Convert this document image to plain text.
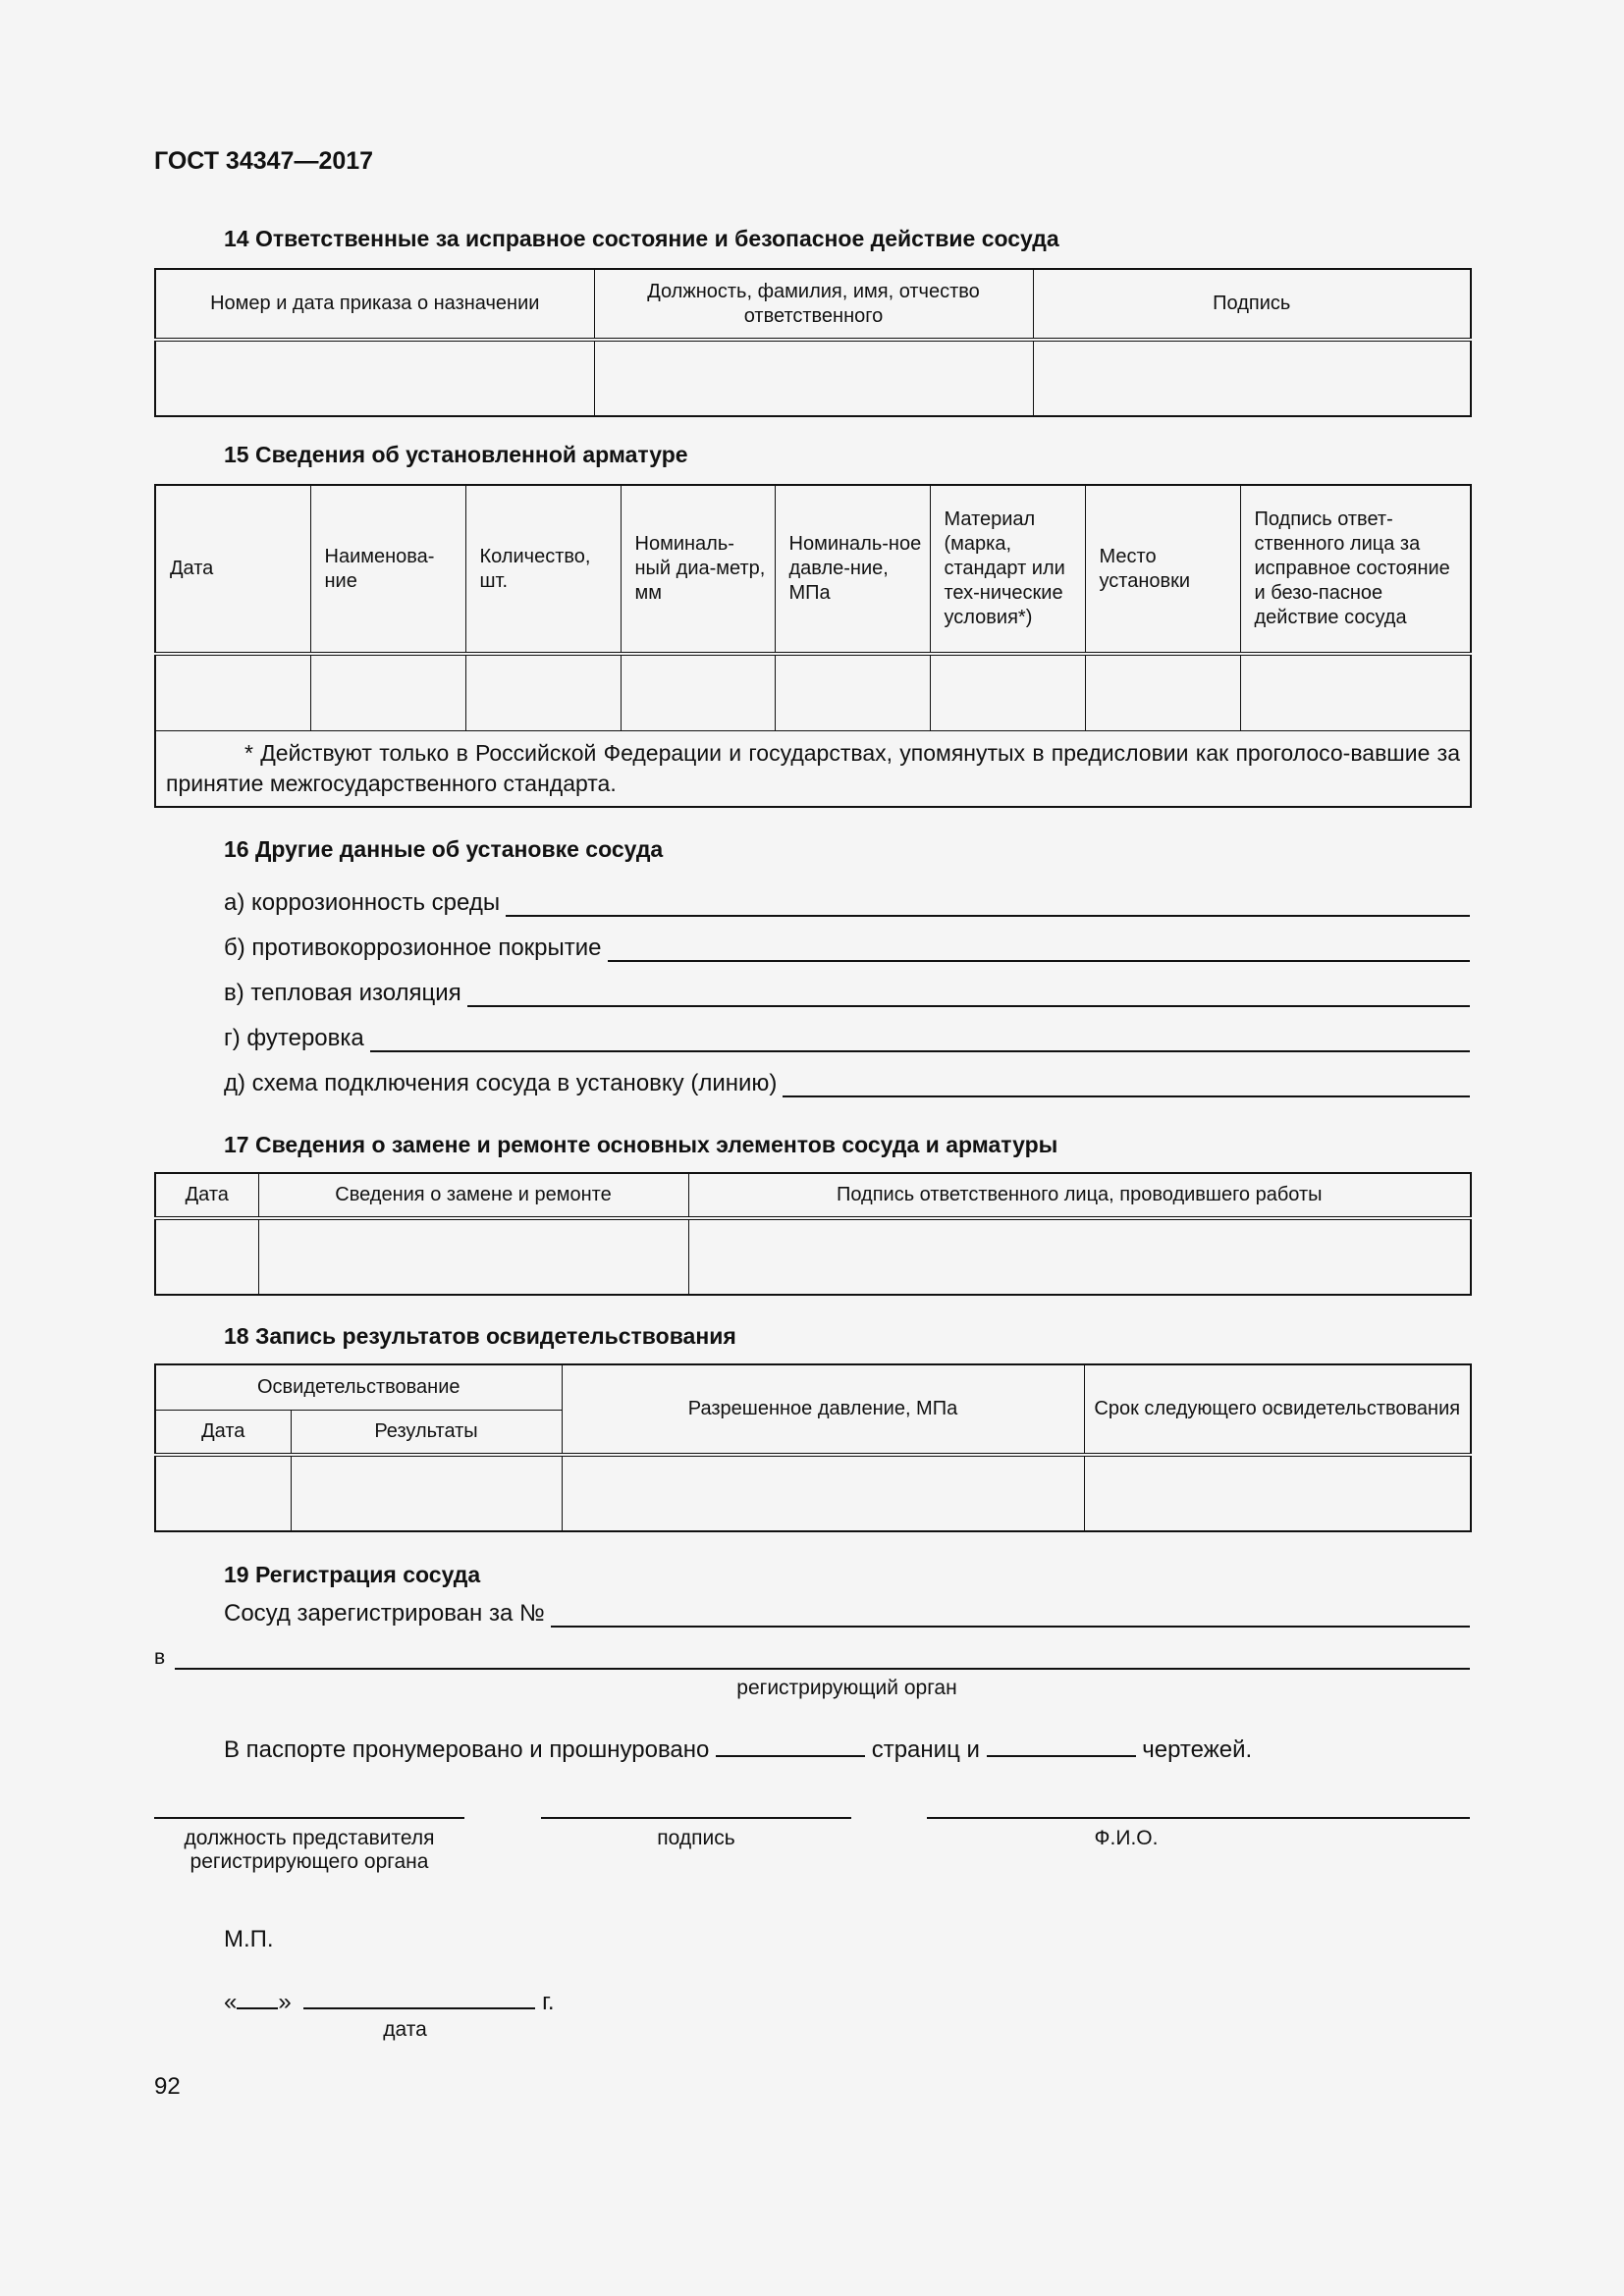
ГОСТ 34347—2017
14 Ответственные за исправное состояние и безопасное действие сосуда
Номер и дата приказа о назначении	Должность, фамилия, имя, отчество ответственного	Подпись

15 Сведения об установленной арматуре
Дата	Наименова-ние	Количество, шт.	Номиналь-ный диа-метр, мм	Номиналь-ное давле-ние, МПа	Материал (марка, стандарт или тех-нические условия*)	Место установки	Подпись ответ-ственного лица за исправное состояние и безо-пасное действие сосуда

* Действуют только в Российской Федерации и государствах, упомянутых в предисловии как проголосо-вавшие за принятие межгосударственного стандарта.							
16 Другие данные об установке сосуда
а) коррозионность среды
б) противокоррозионное покрытие
в) тепловая изоляция
г) футеровка
д) схема подключения сосуда в установку (линию)
17 Сведения о замене и ремонте основных элементов сосуда и арматуры
Дата	Сведения о замене и ремонте	Подпись ответственного лица, проводившего работы

18 Запись результатов освидетельствования
Освидетельствование		Разрешенное давление, МПа	Срок следующего освидетельствования
Дата	Результаты		

19 Регистрация сосуда
Сосуд зарегистрирован за №
в
регистрирующий орган
В паспорте пронумеровано и прошнуровано	страниц и	чертежей.
должность представителя регистрирующего органа
подпись	Ф.И.О.
М.П.
« »	г.
дата
92
